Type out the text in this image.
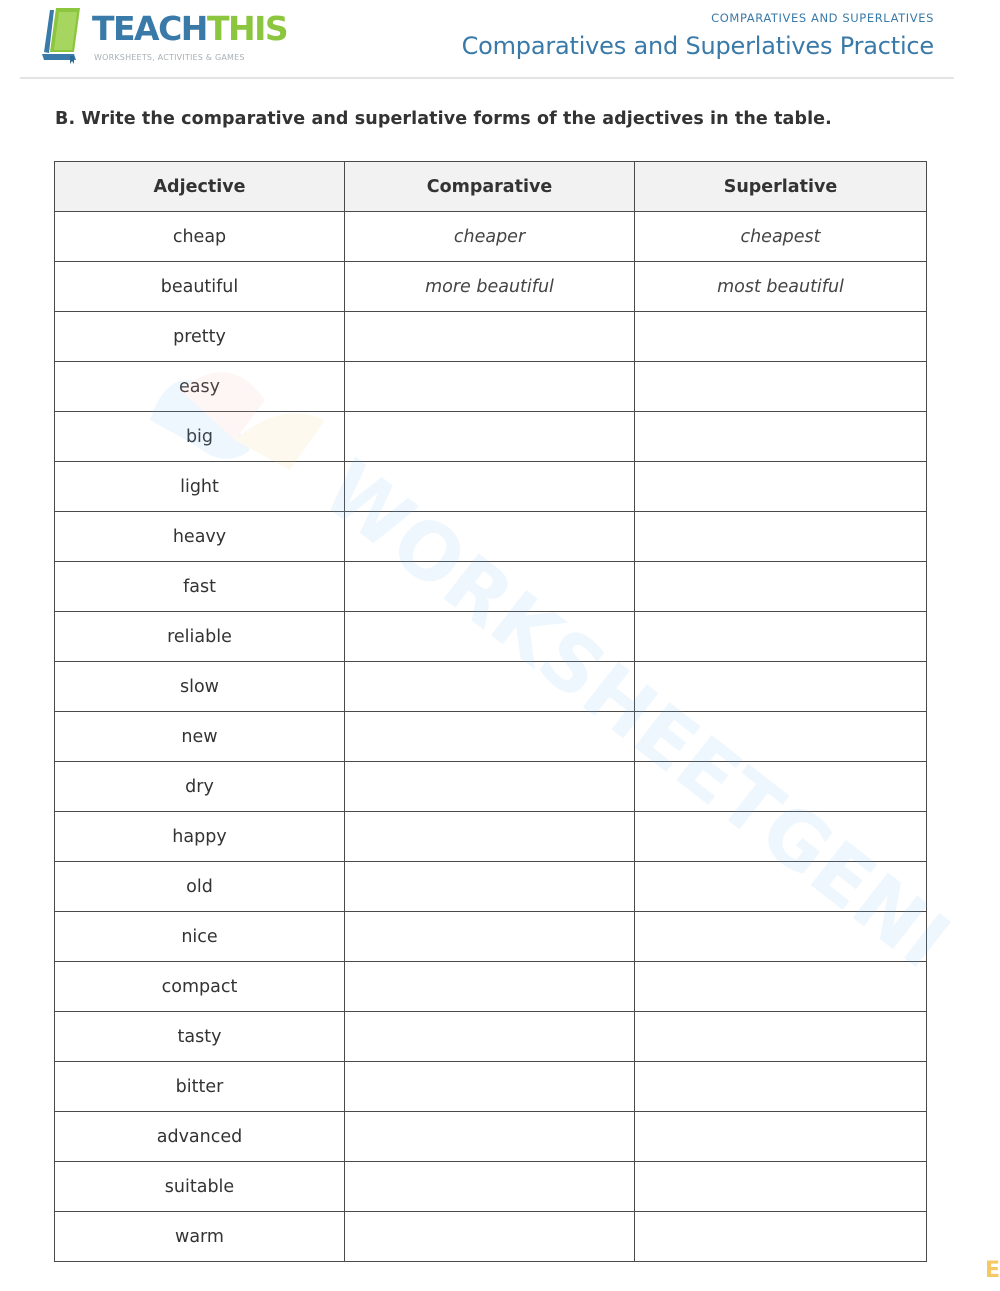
TEACHTHIS
WORKSHEETS, ACTIVITIES & GAMES
COMPARATIVES AND SUPERLATIVES
Comparatives and Superlatives Practice
B. Write the comparative and superlative forms of the adjectives in the table.
Adjective	Comparative	Superlative
cheap	cheaper	cheapest
beautiful	more beautiful	most beautiful
pretty		
easy		
big		
light		
heavy		
fast		
reliable		
slow		
new		
dry		
happy		
old		
nice		
compact		
tasty		
bitter		
advanced		
suitable		
warm		
WORKSHEETGENI
E
